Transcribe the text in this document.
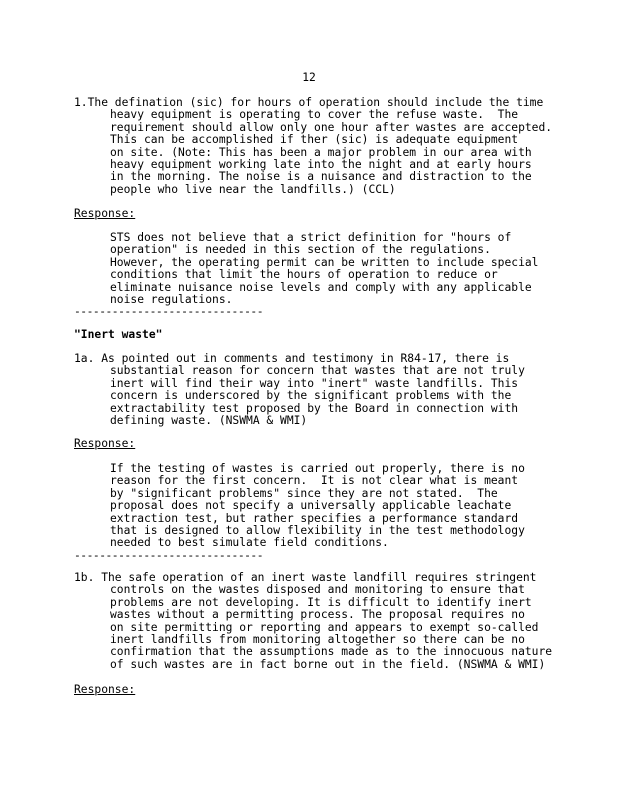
12
1.The defination (sic) for hours of operation should include the time
heavy equipment is operating to cover the refuse waste.  The
requirement should allow only one hour after wastes are accepted.
This can be accomplished if ther (sic) is adequate equipment
on site. (Note: This has been a major problem in our area with
heavy equipment working late into the night and at early hours
in the morning. The noise is a nuisance and distraction to the
people who live near the landfills.) (CCL)
Response:
STS does not believe that a strict definition for "hours of
operation" is needed in this section of the regulations.
However, the operating permit can be written to include special
conditions that limit the hours of operation to reduce or
eliminate nuisance noise levels and comply with any applicable
noise regulations.
------------------------------
"Inert waste"
1a. As pointed out in comments and testimony in R84-17, there is
substantial reason for concern that wastes that are not truly
inert will find their way into "inert" waste landfills. This
concern is underscored by the significant problems with the
extractability test proposed by the Board in connection with
defining waste. (NSWMA & WMI)
Response:
If the testing of wastes is carried out properly, there is no
reason for the first concern.  It is not clear what is meant
by "significant problems" since they are not stated.  The
proposal does not specify a universally applicable leachate
extraction test, but rather specifies a performance standard
that is designed to allow flexibility in the test methodology
needed to best simulate field conditions.
------------------------------
1b. The safe operation of an inert waste landfill requires stringent
controls on the wastes disposed and monitoring to ensure that
problems are not developing. It is difficult to identify inert
wastes without a permitting process. The proposal requires no
on site permitting or reporting and appears to exempt so-called
inert landfills from monitoring altogether so there can be no
confirmation that the assumptions made as to the innocuous nature
of such wastes are in fact borne out in the field. (NSWMA & WMI)
Response:
